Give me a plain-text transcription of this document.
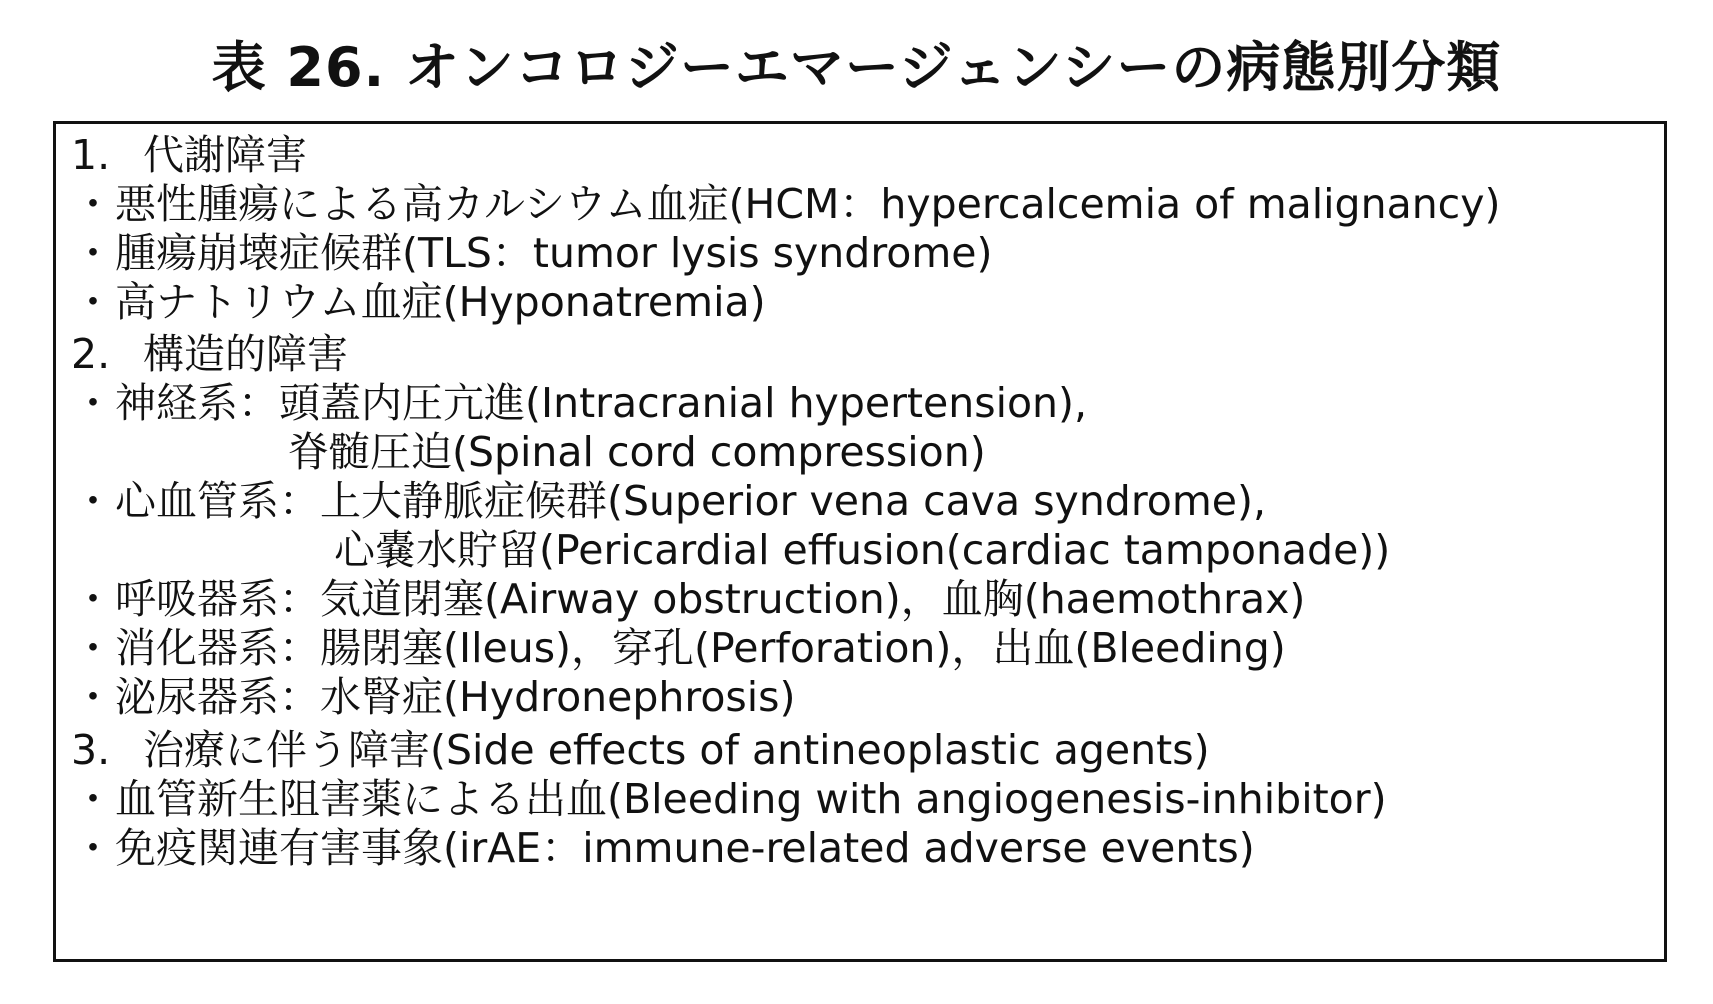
表 26. オンコロジーエマージェンシーの病態別分類
1. 代謝障害
・悪性腫瘍による高カルシウム血症(HCM：hypercalcemia of malignancy)
・腫瘍崩壊症候群(TLS：tumor lysis syndrome)
・高ナトリウム血症(Hyponatremia)
2. 構造的障害
・神経系：頭蓋内圧亢進(Intracranial hypertension),
脊髄圧迫(Spinal cord compression)
・心血管系：上大静脈症候群(Superior vena cava syndrome),
心嚢水貯留(Pericardial effusion(cardiac tamponade))
・呼吸器系：気道閉塞(Airway obstruction)，血胸(haemothrax)
・消化器系：腸閉塞(Ileus)，穿孔(Perforation)，出血(Bleeding)
・泌尿器系：水腎症(Hydronephrosis)
3. 治療に伴う障害(Side effects of antineoplastic agents)
・血管新生阻害薬による出血(Bleeding with angiogenesis-inhibitor)
・免疫関連有害事象(irAE：immune-related adverse events)
